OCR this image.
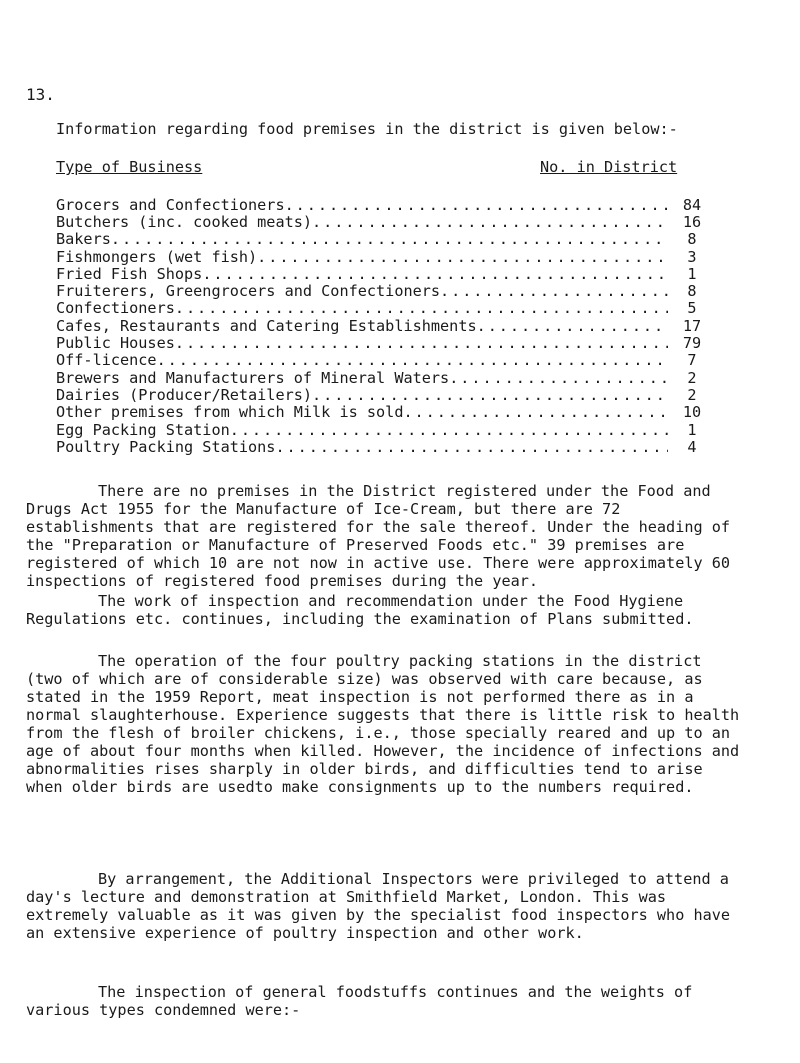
13.
Information regarding food premises in the district is given below:-
Type of Business	No. in District
Grocers and Confectioners . . .	84
Butchers (inc. cooked meats) . . .	16
Bakers . . .	8
Fishmongers (wet fish) . . .	3
Fried Fish Shops . . .	1
Fruiterers, Greengrocers and Confectioners . . .	8
Confectioners . . .	5
Cafes, Restaurants and Catering Establishments . . .	17
Public Houses . . .	79
Off-licence . . .	7
Brewers and Manufacturers of Mineral Waters . . .	2
Dairies (Producer/Retailers) . . .	2
Other premises from which Milk is sold . . .	10
Egg Packing Station . . .	1
Poultry Packing Stations . . .	4

There are no premises in the District registered under the Food and Drugs Act 1955 for the Manufacture of Ice-Cream, but there are 72 establishments that are registered for the sale thereof. Under the heading of the "Preparation or Manufacture of Preserved Foods etc." 39 premises are registered of which 10 are not now in active use. There were approximately 60 inspections of registered food premises during the year.

The work of inspection and recommendation under the Food Hygiene Regulations etc. continues, including the examination of Plans submitted.

The operation of the four poultry packing stations in the district (two of which are of considerable size) was observed with care because, as stated in the 1959 Report, meat inspection is not performed there as in a normal slaughterhouse. Experience suggests that there is little risk to health from the flesh of broiler chickens, i.e., those specially reared and up to an age of about four months when killed. However, the incidence of infections and abnormalities rises sharply in older birds, and difficulties tend to arise when older birds are usedto make consignments up to the numbers required.

By arrangement, the Additional Inspectors were privileged to attend a day's lecture and demonstration at Smithfield Market, London. This was extremely valuable as it was given by the specialist food inspectors who have an extensive experience of poultry inspection and other work.

The inspection of general foodstuffs continues and the weights of various types condemned were:-
